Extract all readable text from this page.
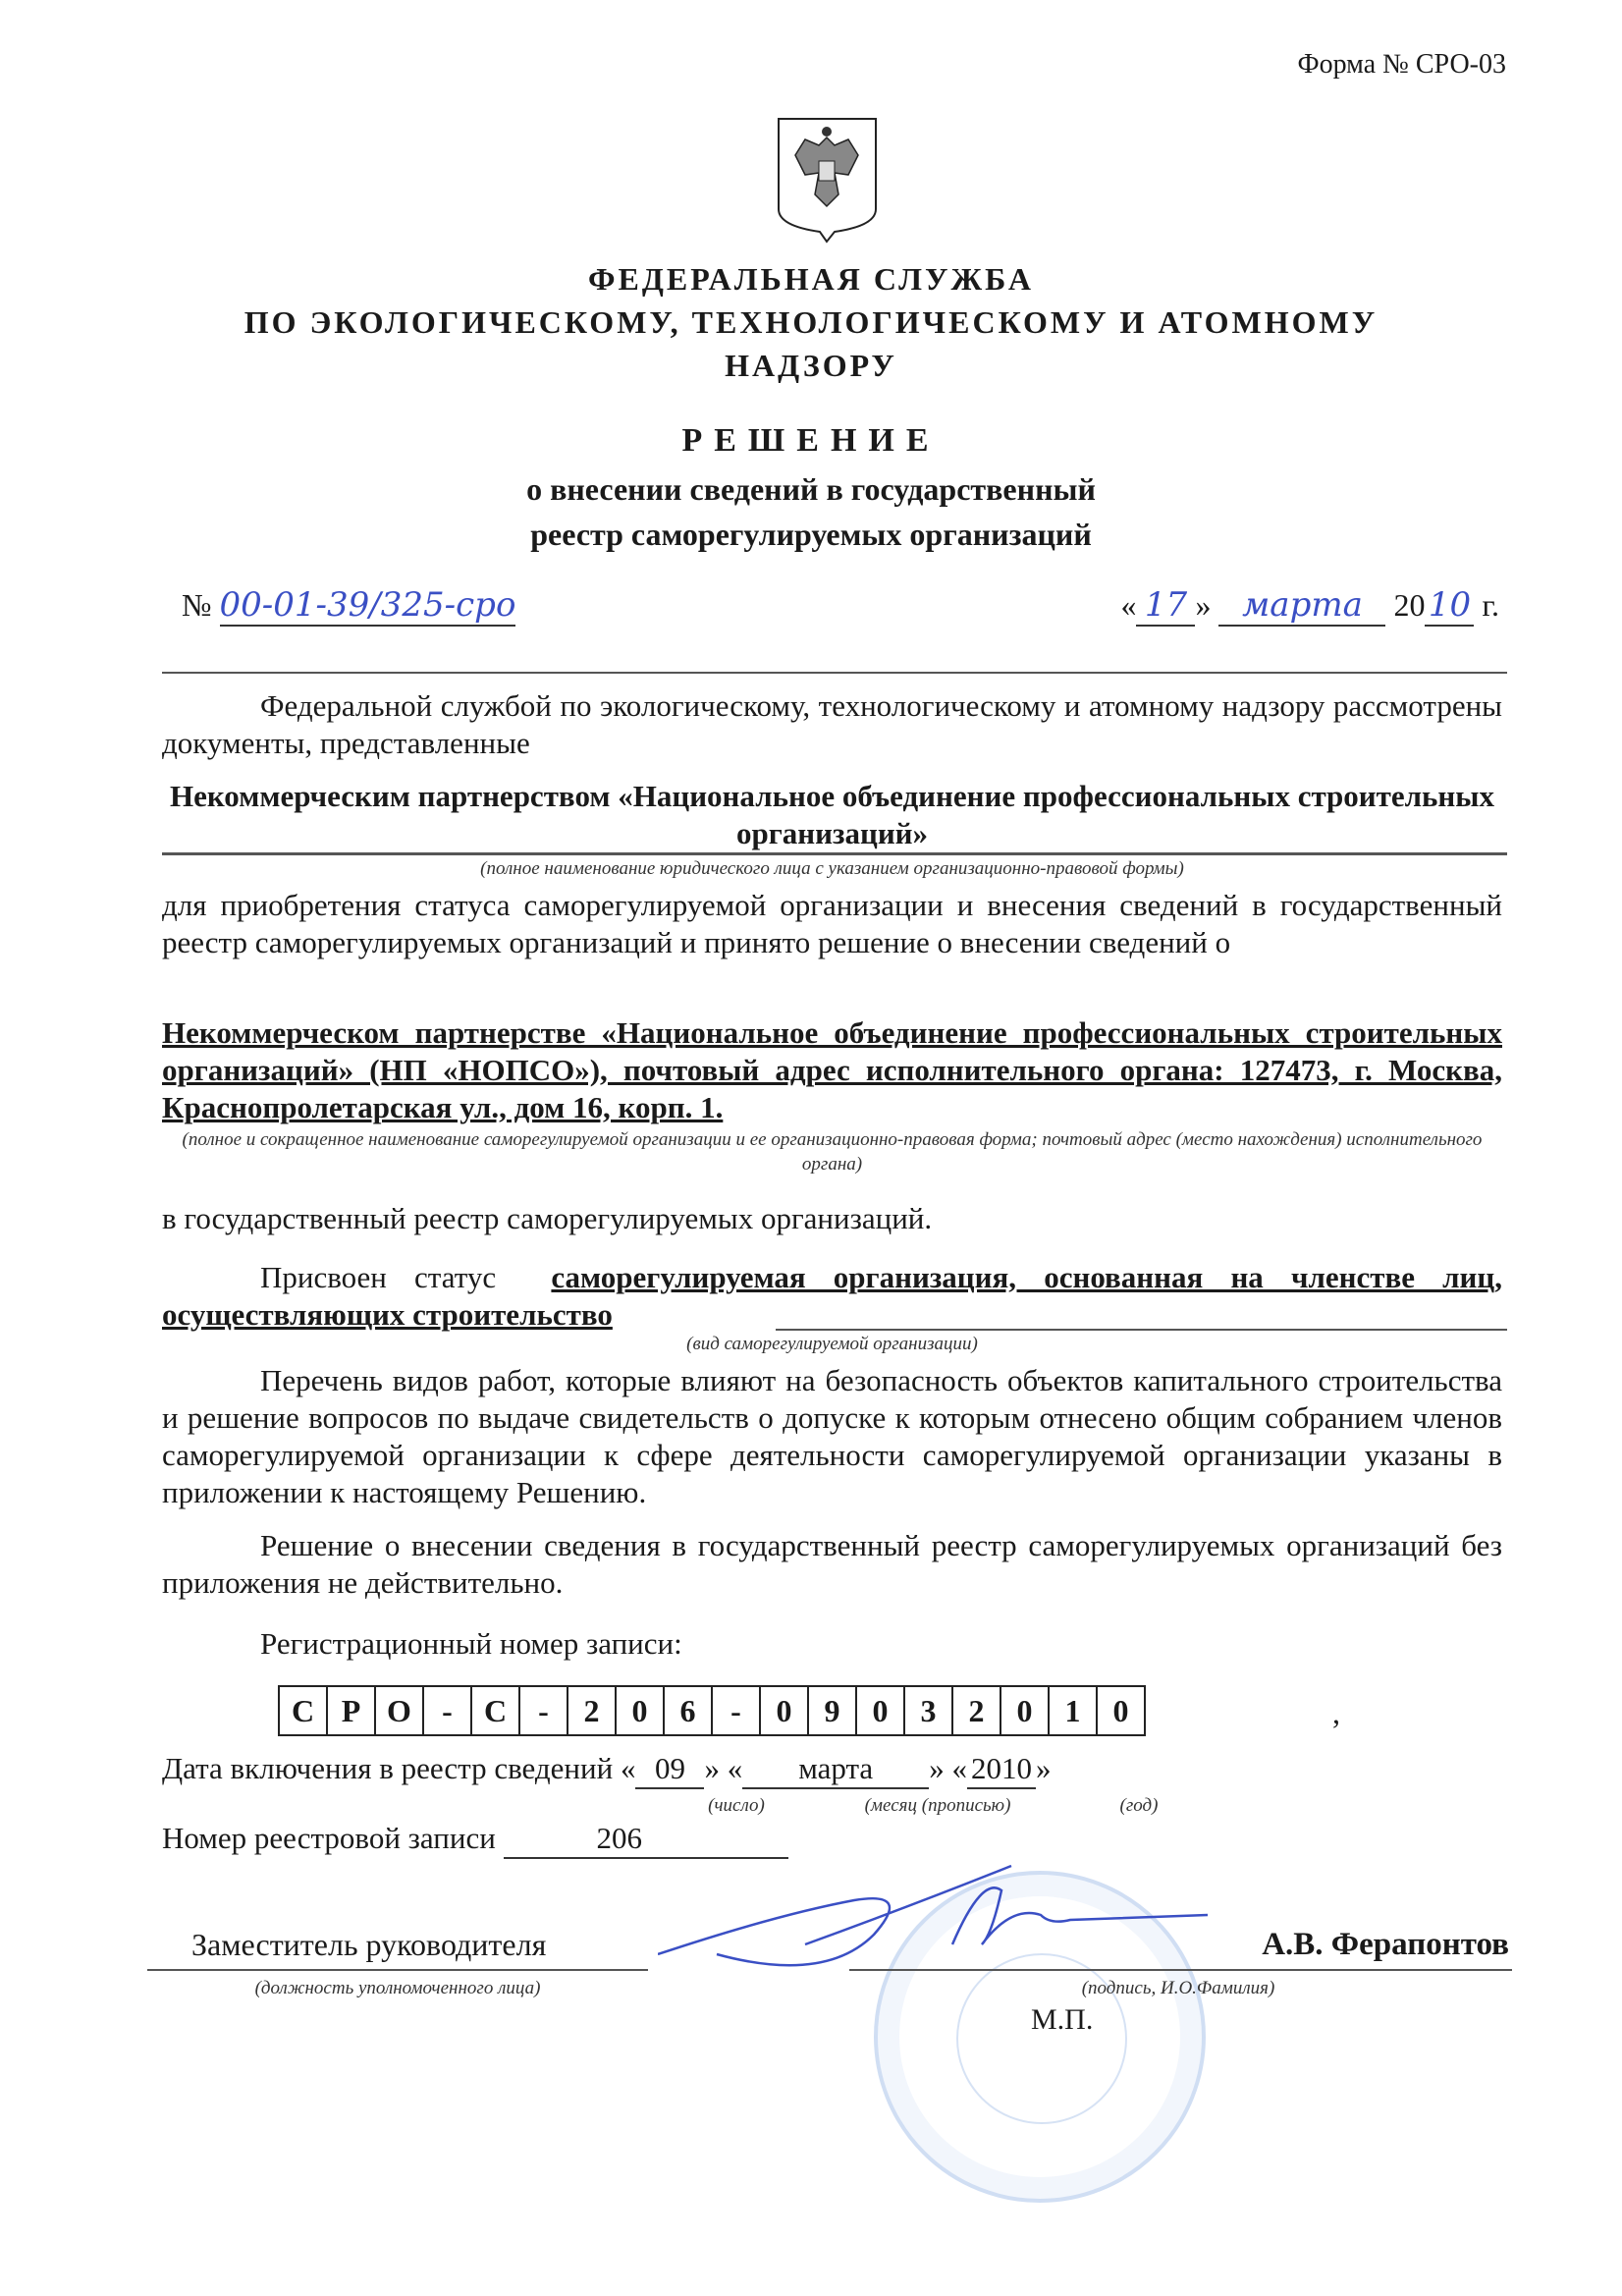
Форма № СРО-03
ФЕДЕРАЛЬНАЯ СЛУЖБА
ПО ЭКОЛОГИЧЕСКОМУ, ТЕХНОЛОГИЧЕСКОМУ И АТОМНОМУ
НАДЗОРУ
РЕШЕНИЕ
о внесении сведений в государственный
реестр саморегулируемых организаций
№ 00-01-39/325-срo	« 17 » марта 2010 г.
Федеральной службой по экологическому, технологическому и атомному надзору рассмотрены документы, представленные
Некоммерческим партнерством «Национальное объединение профессиональных строительных организаций»
(полное наименование юридического лица с указанием организационно-правовой формы)
для приобретения статуса саморегулируемой организации и внесения сведений в государственный реестр саморегулируемых организаций и принято решение о внесении сведений о
Некоммерческом партнерстве «Национальное объединение профессиональных строительных организаций» (НП «НОПСО»), почтовый адрес исполнительного органа: 127473, г. Москва, Краснопролетарская ул., дом 16, корп. 1.
(полное и сокращенное наименование саморегулируемой организации и ее организационно-правовая форма; почтовый адрес (место нахождения) исполнительного органа)
в государственный реестр саморегулируемых организаций.
Присвоен статус саморегулируемая организация, основанная на членстве лиц, осуществляющих строительство
(вид саморегулируемой организации)
Перечень видов работ, которые влияют на безопасность объектов капитального строительства и решение вопросов по выдаче свидетельств о допуске к которым отнесено общим собранием членов саморегулируемой организации к сфере деятельности саморегулируемой организации указаны в приложении к настоящему Решению.
Решение о внесении сведения в государственный реестр саморегулируемых организаций без приложения не действительно.
Регистрационный номер записи:
С Р О -	С	-	2	0	6	-	0	9	0	3	2	0	1	0	,
Дата включения в реестр сведений « 09 » « марта » « 2010 »
(число)	(месяц (прописью)	(год)
Номер реестровой записи	206
Заместитель руководителя
(должность уполномоченного лица)
А.В. Ферапонтов
(подпись, И.О.Фамилия)
М.П.
